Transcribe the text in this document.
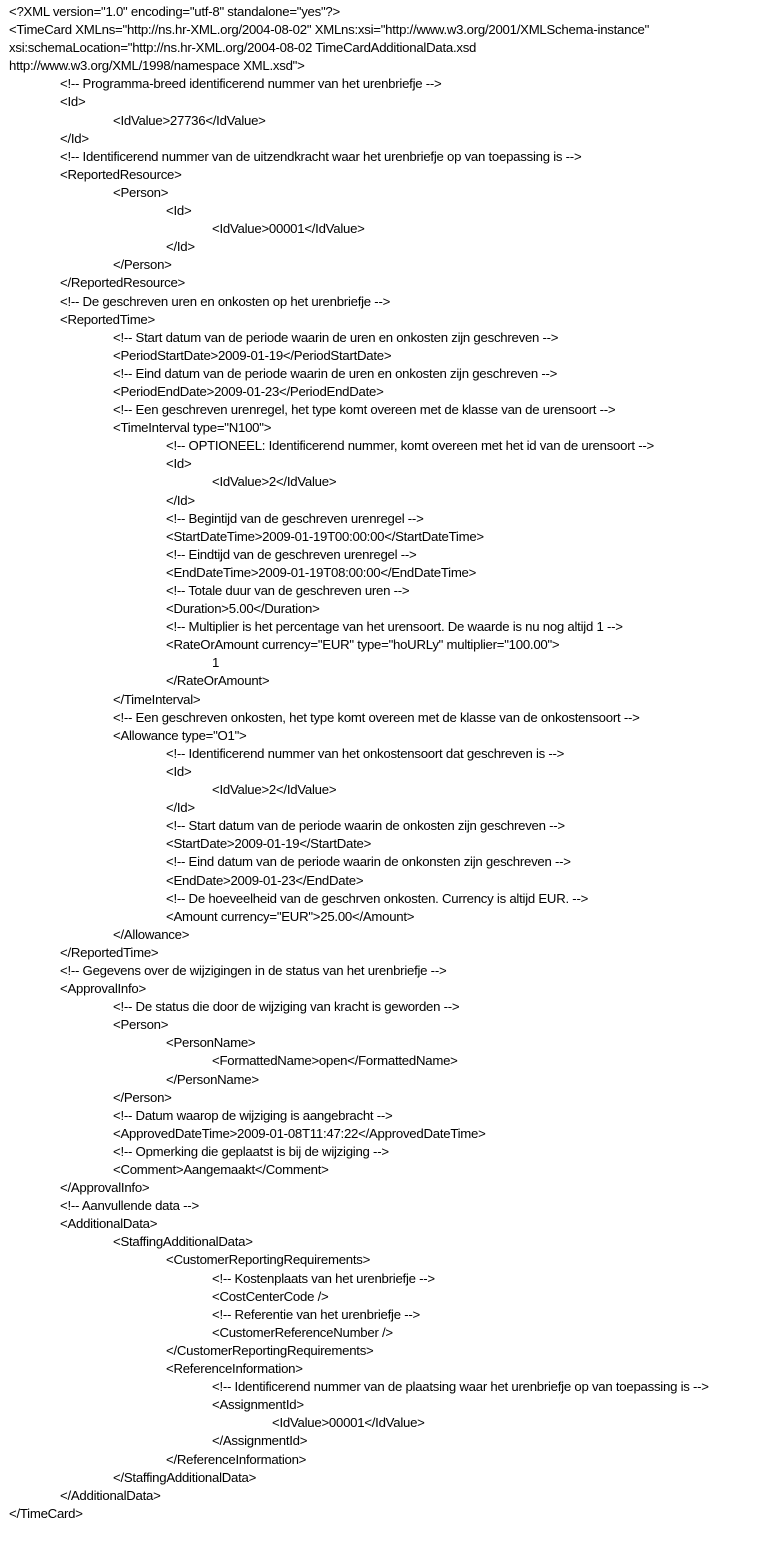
<?XML version="1.0" encoding="utf-8" standalone="yes"?>
<TimeCard XMLns="http://ns.hr-XML.org/2004-08-02" XMLns:xsi="http://www.w3.org/2001/XMLSchema-instance"
xsi:schemaLocation="http://ns.hr-XML.org/2004-08-02 TimeCardAdditionalData.xsd
http://www.w3.org/XML/1998/namespace XML.xsd">
<!-- Programma-breed identificerend nummer van het urenbriefje -->
<Id>
<IdValue>27736</IdValue>
</Id>
<!-- Identificerend nummer van de uitzendkracht waar het urenbriefje op van toepassing is -->
<ReportedResource>
<Person>
<Id>
<IdValue>00001</IdValue>
</Id>
</Person>
</ReportedResource>
<!-- De geschreven uren en onkosten op het urenbriefje -->
<ReportedTime>
<!-- Start datum van de periode waarin de uren en onkosten zijn geschreven -->
<PeriodStartDate>2009-01-19</PeriodStartDate>
<!-- Eind datum van de periode waarin de uren en onkosten zijn geschreven -->
<PeriodEndDate>2009-01-23</PeriodEndDate>
<!-- Een geschreven urenregel, het type komt overeen met de klasse van de urensoort -->
<TimeInterval type="N100">
<!-- OPTIONEEL: Identificerend nummer, komt overeen met het id van de urensoort -->
<Id>
<IdValue>2</IdValue>
</Id>
<!-- Begintijd van de geschreven urenregel -->
<StartDateTime>2009-01-19T00:00:00</StartDateTime>
<!-- Eindtijd van de geschreven urenregel -->
<EndDateTime>2009-01-19T08:00:00</EndDateTime>
<!-- Totale duur van de geschreven uren -->
<Duration>5.00</Duration>
<!-- Multiplier is het percentage van het urensoort. De waarde is nu nog altijd 1 -->
<RateOrAmount currency="EUR" type="hoURLy" multiplier="100.00">
1
</RateOrAmount>
</TimeInterval>
<!-- Een geschreven onkosten, het type komt overeen met de klasse van de onkostensoort -->
<Allowance type="O1">
<!-- Identificerend nummer van het onkostensoort dat geschreven is -->
<Id>
<IdValue>2</IdValue>
</Id>
<!-- Start datum van de periode waarin de onkosten zijn geschreven -->
<StartDate>2009-01-19</StartDate>
<!-- Eind datum van de periode waarin de onkonsten zijn geschreven -->
<EndDate>2009-01-23</EndDate>
<!-- De hoeveelheid van de geschrven onkosten. Currency is altijd EUR. -->
<Amount currency="EUR">25.00</Amount>
</Allowance>
</ReportedTime>
<!-- Gegevens over de wijzigingen in de status van het urenbriefje -->
<ApprovalInfo>
<!-- De status die door de wijziging van kracht is geworden -->
<Person>
<PersonName>
<FormattedName>open</FormattedName>
</PersonName>
</Person>
<!-- Datum waarop de wijziging is aangebracht -->
<ApprovedDateTime>2009-01-08T11:47:22</ApprovedDateTime>
<!-- Opmerking die geplaatst is bij de wijziging -->
<Comment>Aangemaakt</Comment>
</ApprovalInfo>
<!-- Aanvullende data -->
<AdditionalData>
<StaffingAdditionalData>
<CustomerReportingRequirements>
<!-- Kostenplaats van het urenbriefje -->
<CostCenterCode />
<!-- Referentie van het urenbriefje -->
<CustomerReferenceNumber />
</CustomerReportingRequirements>
<ReferenceInformation>
<!-- Identificerend nummer van de plaatsing waar het urenbriefje op van toepassing is -->
<AssignmentId>
<IdValue>00001</IdValue>
</AssignmentId>
</ReferenceInformation>
</StaffingAdditionalData>
</AdditionalData>
</TimeCard>
